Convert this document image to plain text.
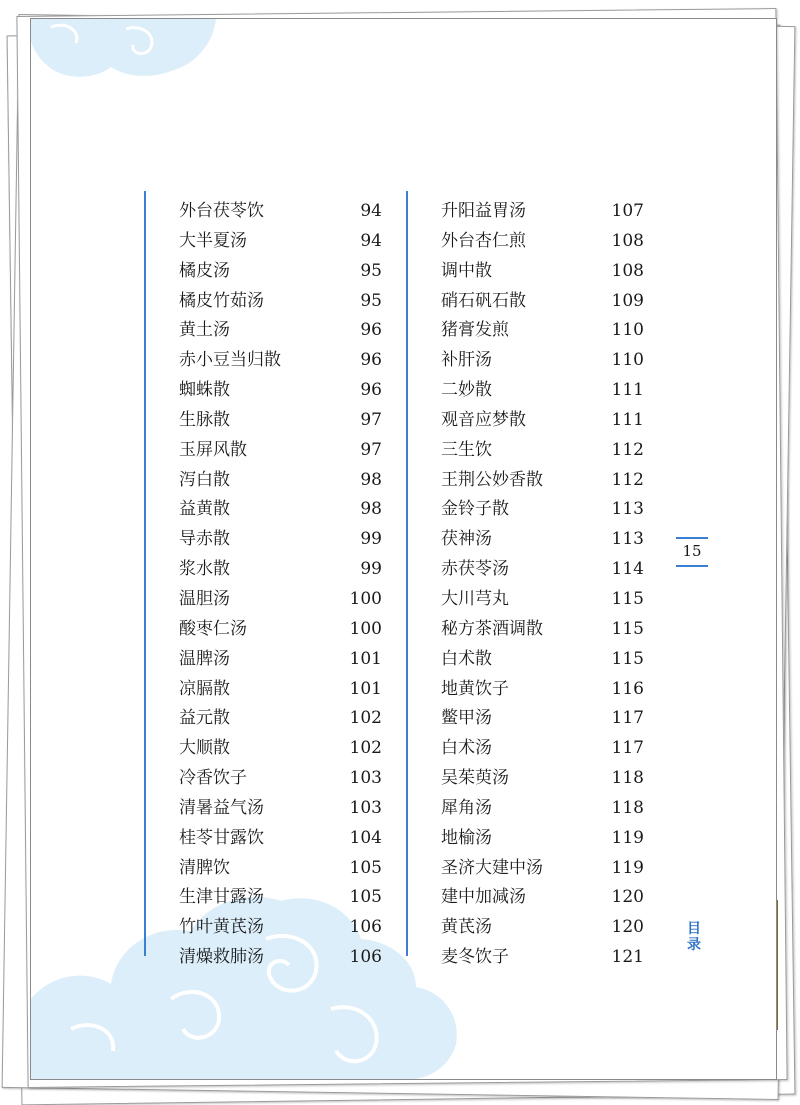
外台茯苓饮	94
大半夏汤	94
橘皮汤	95
橘皮竹茹汤	95
黄土汤	96
赤小豆当归散	96
蜘蛛散	96
生脉散	97
玉屏风散	97
泻白散	98
益黄散	98
导赤散	99
浆水散	99
温胆汤	100
酸枣仁汤	100
温脾汤	101
凉膈散	101
益元散	102
大顺散	102
冷香饮子	103
清暑益气汤	103
桂苓甘露饮	104
清脾饮	105
生津甘露汤	105
竹叶黄芪汤	106
清燥救肺汤	106
升阳益胃汤	107
外台杏仁煎	108
调中散	108
硝石矾石散	109
猪膏发煎	110
补肝汤	110
二妙散	111
观音应梦散	111
三生饮	112
王荆公妙香散	112
金铃子散	113
茯神汤	113
赤茯苓汤	114
大川芎丸	115
秘方茶酒调散	115
白术散	115
地黄饮子	116
鳖甲汤	117
白术汤	117
吴茱萸汤	118
犀角汤	118
地榆汤	119
圣济大建中汤	119
建中加减汤	120
黄芪汤	120
麦冬饮子	121
15
目录
